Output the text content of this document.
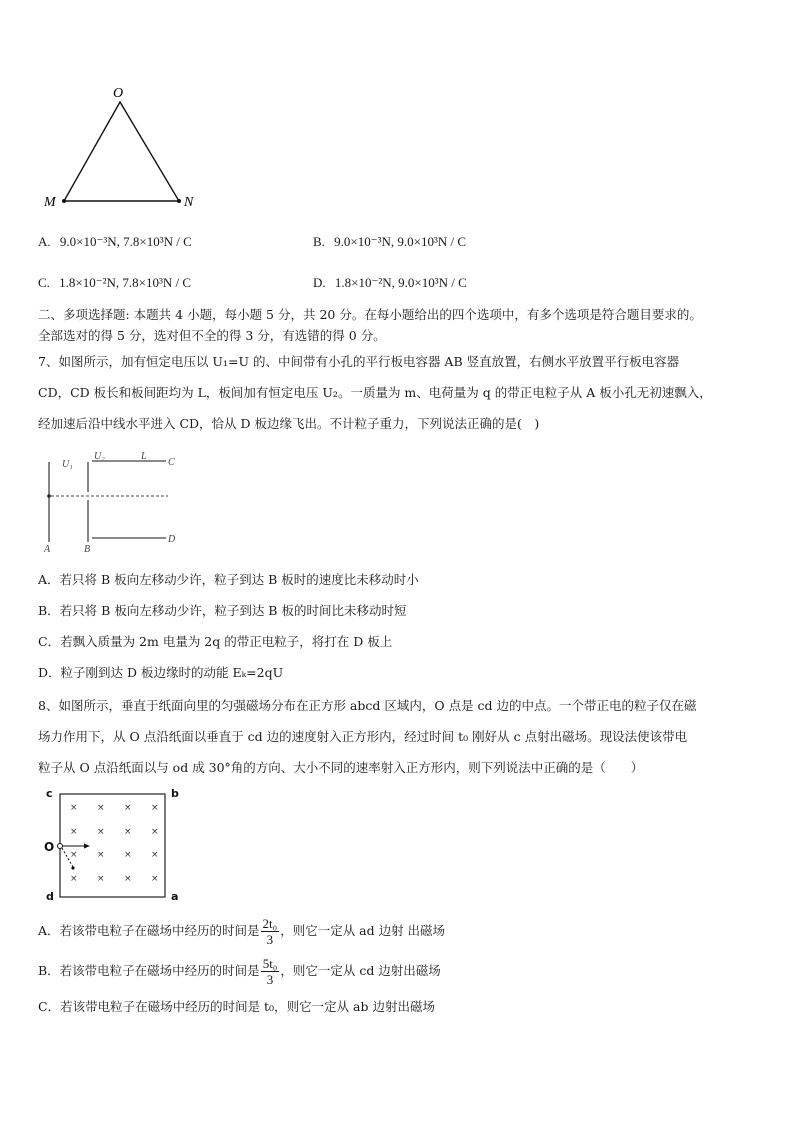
O
M	N
A. 9.0×10⁻³N, 7.8×10³N / C	B. 9.0×10⁻³N, 9.0×10³N / C
C. 1.8×10⁻²N, 7.8×10³N / C	D. 1.8×10⁻²N, 9.0×10³N / C
二、多项选择题: 本题共 4 小题，每小题 5 分，共 20 分。在每小题给出的四个选项中，有多个选项是符合题目要求的。
全部选对的得 5 分，选对但不全的得 3 分，有选错的得 0 分。
7、如图所示，加有恒定电压以 U₁=U 的、中间带有小孔的平行板电容器 AB 竖直放置，右侧水平放置平行板电容器
CD，CD 板长和板间距均为 L，板间加有恒定电压 U₂。一质量为 m、电荷量为 q 的带正电粒子从 A 板小孔无初速飘入，
经加速后沿中线水平进入 CD，恰从 D 板边缘飞出。不计粒子重力，下列说法正确的是(　)
U₁
U₂	L
C
D
A	B
A．若只将 B 板向左移动少许，粒子到达 B 板时的速度比未移动时小
B．若只将 B 板向左移动少许，粒子到达 B 板的时间比未移动时短
C．若飘入质量为 2m 电量为 2q 的带正电粒子，将打在 D 板上
D．粒子刚到达 D 板边缘时的动能 Eₖ=2qU
8、如图所示，垂直于纸面向里的匀强磁场分布在正方形 abcd 区域内，O 点是 cd 边的中点。一个带正电的粒子仅在磁
场力作用下，从 O 点沿纸面以垂直于 cd 边的速度射入正方形内，经过时间 t₀ 刚好从 c 点射出磁场。现设法使该带电
粒子从 O 点沿纸面以与 od 成 30°角的方向、大小不同的速率射入正方形内，则下列说法中正确的是（　　）
c	b
O
d	a
× × × ×
× × × ×
× × × ×
× × × ×
A．若该带电粒子在磁场中经历的时间是 $\frac{\text{2t₀}}{3}$ ，则它一定从 ad 边射 出磁场
B．若该带电粒子在磁场中经历的时间是 $\frac{\text{5t₀}}{3}$ ，则它一定从 cd 边射出磁场
C．若该带电粒子在磁场中经历的时间是 t₀，则它一定从 ab 边射出磁场
